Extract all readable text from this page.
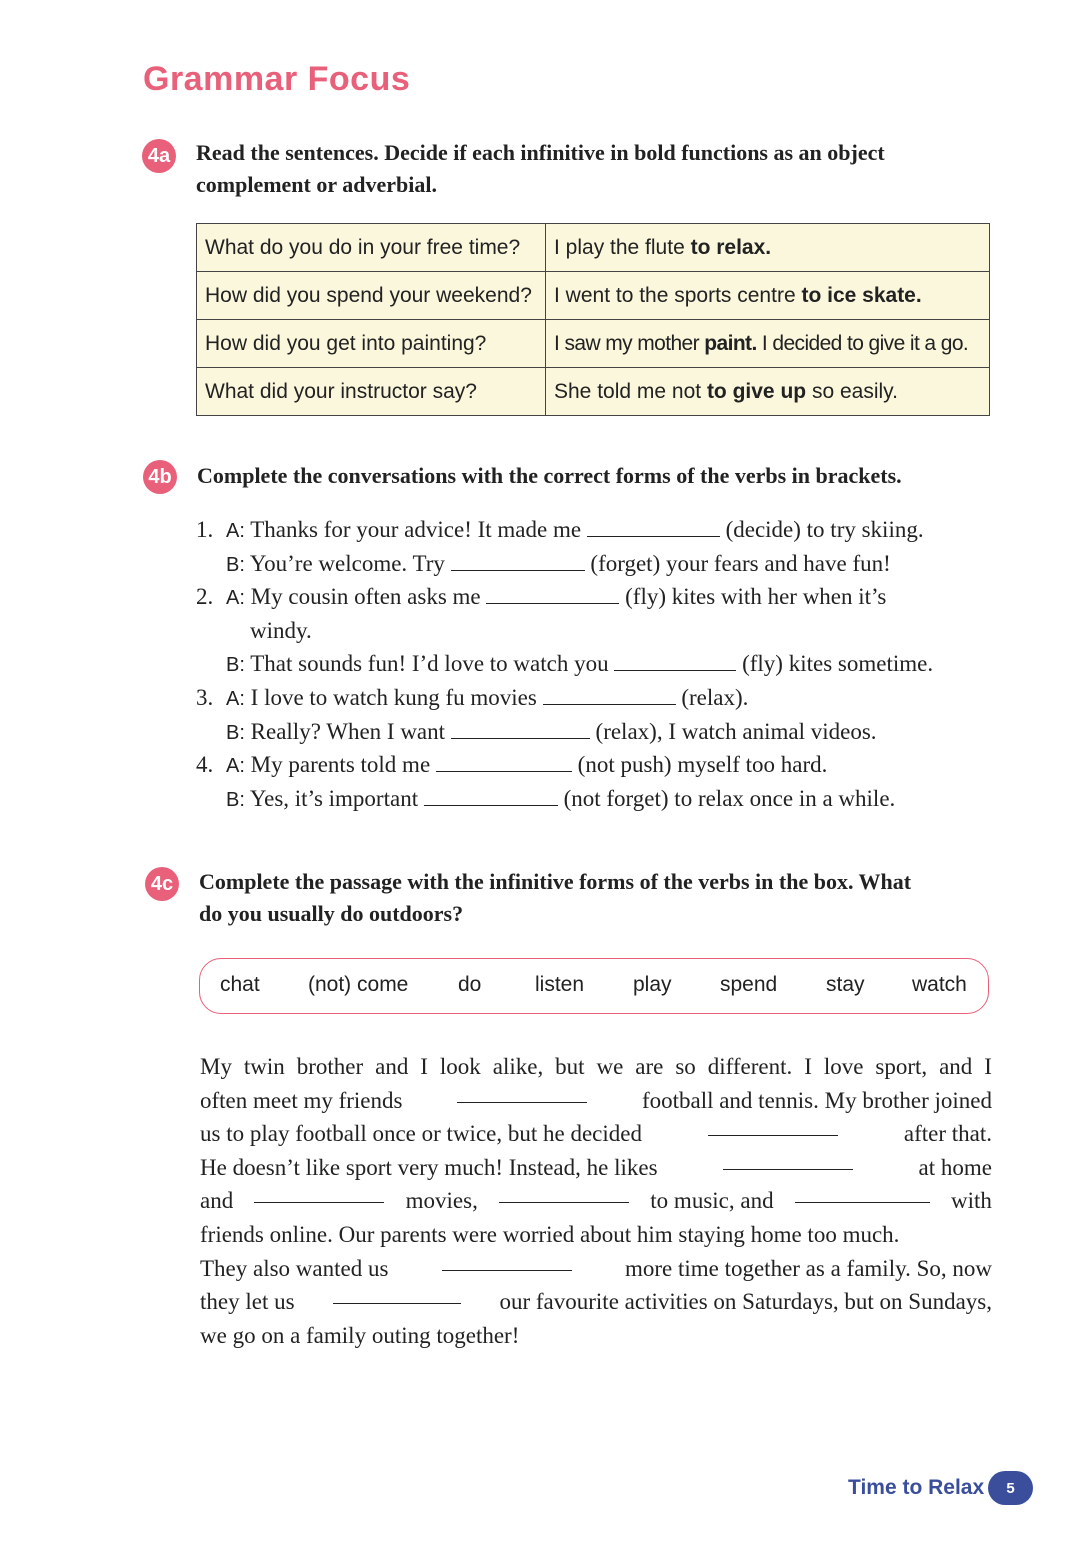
Grammar Focus
4a Read the sentences. Decide if each infinitive in bold functions as an object
complement or adverbial.
What do you do in your free time?	I play the flute to relax.
How did you spend your weekend?	I went to the sports centre to ice skate.
How did you get into painting?	I saw my mother paint. I decided to give it a go.
What did your instructor say?	She told me not to give up so easily.
4b Complete the conversations with the correct forms of the verbs in brackets.
1. A: Thanks for your advice! It made me	(decide) to try skiing.
B: You’re welcome. Try	(forget) your fears and have fun!
2. A: My cousin often asks me	(fly) kites with her when it’s
windy.
B: That sounds fun! I’d love to watch you	(fly) kites sometime.
3. A: I love to watch kung fu movies	(relax).
B: Really? When I want	(relax), I watch animal videos.
4. A: My parents told me	(not push) myself too hard.
B: Yes, it’s important	(not forget) to relax once in a while.
4c Complete the passage with the infinitive forms of the verbs in the box. What
do you usually do outdoors?
chat (not) come do	listen play spend stay watch
My twin brother and I look alike, but we are so different. I love sport, and I
often meet my friends	football and tennis. My brother joined
us to play football once or twice, but he decided	after that.
He doesn’t like sport very much! Instead, he likes	at home
and	movies,	to music, and	with
friends online. Our parents were worried about him staying home too much.
They also wanted us	more time together as a family. So, now
they let us	our favourite activities on Saturdays, but on Sundays,
we go on a family outing together!
Time to Relax	5
